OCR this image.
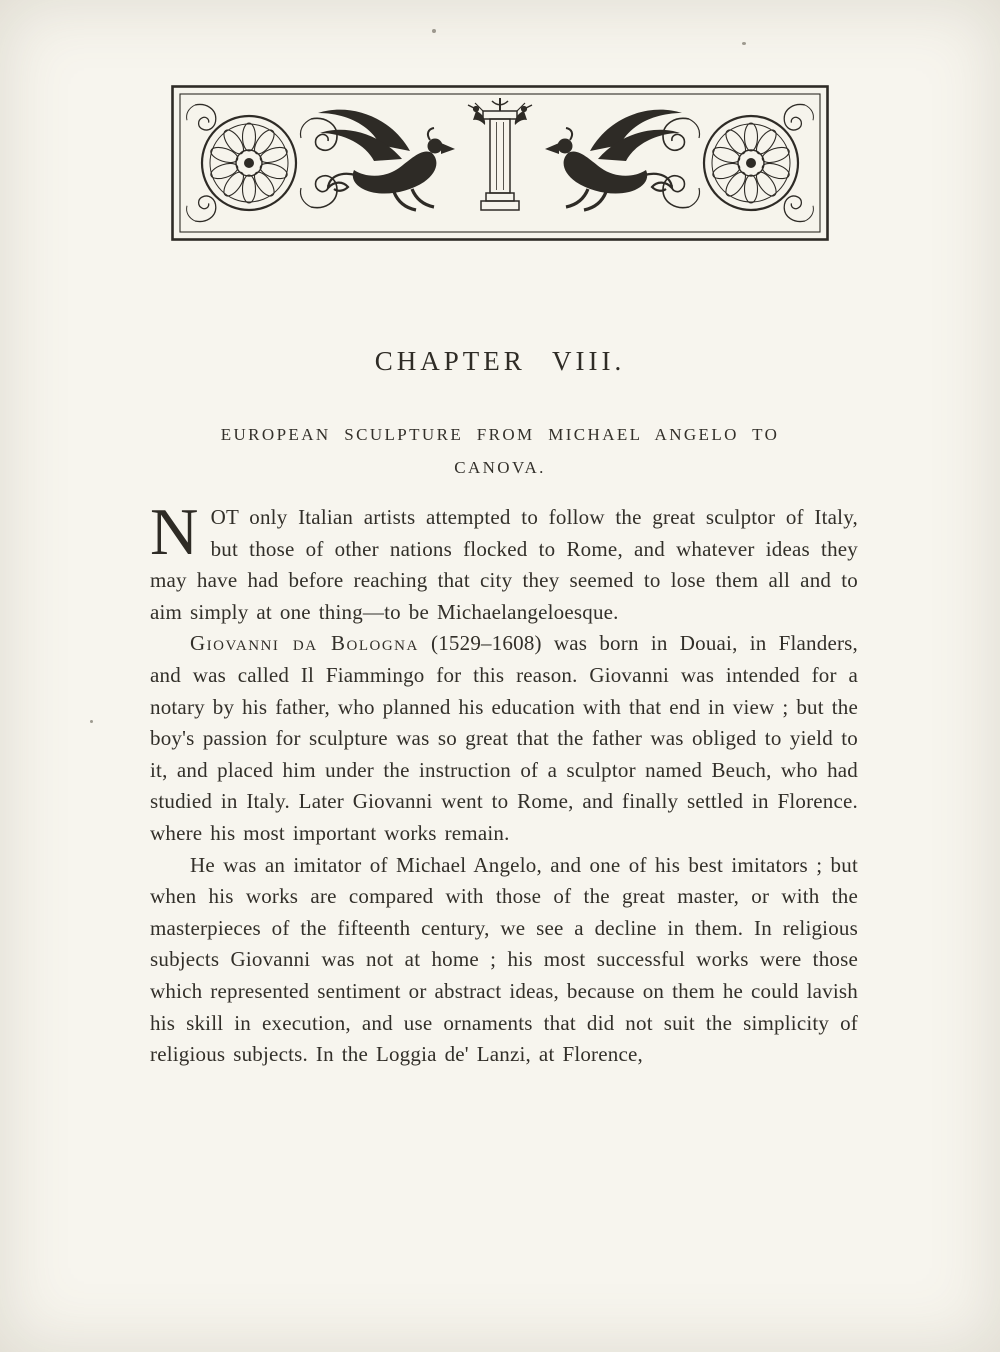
CHAPTER VIII.
EUROPEAN SCULPTURE FROM MICHAEL ANGELO TO
CANOVA.

NOT only Italian artists attempted to follow the great sculptor of Italy, but those of other nations flocked to Rome, and whatever ideas they may have had before reaching that city they seemed to lose them all and to aim simply at one thing—to be Michaelangeloesque.

Giovanni da Bologna (1529–1608) was born in Douai, in Flanders, and was called Il Fiammingo for this reason. Giovanni was intended for a notary by his father, who planned his education with that end in view ; but the boy's passion for sculpture was so great that the father was obliged to yield to it, and placed him under the instruction of a sculptor named Beuch, who had studied in Italy. Later Giovanni went to Rome, and finally settled in Florence. where his most important works remain.

He was an imitator of Michael Angelo, and one of his best imitators ; but when his works are compared with those of the great master, or with the masterpieces of the fifteenth century, we see a decline in them. In religious subjects Giovanni was not at home ; his most successful works were those which represented sentiment or abstract ideas, because on them he could lavish his skill in execution, and use ornaments that did not suit the simplicity of religious subjects. In the Loggia de' Lanzi, at Florence,
